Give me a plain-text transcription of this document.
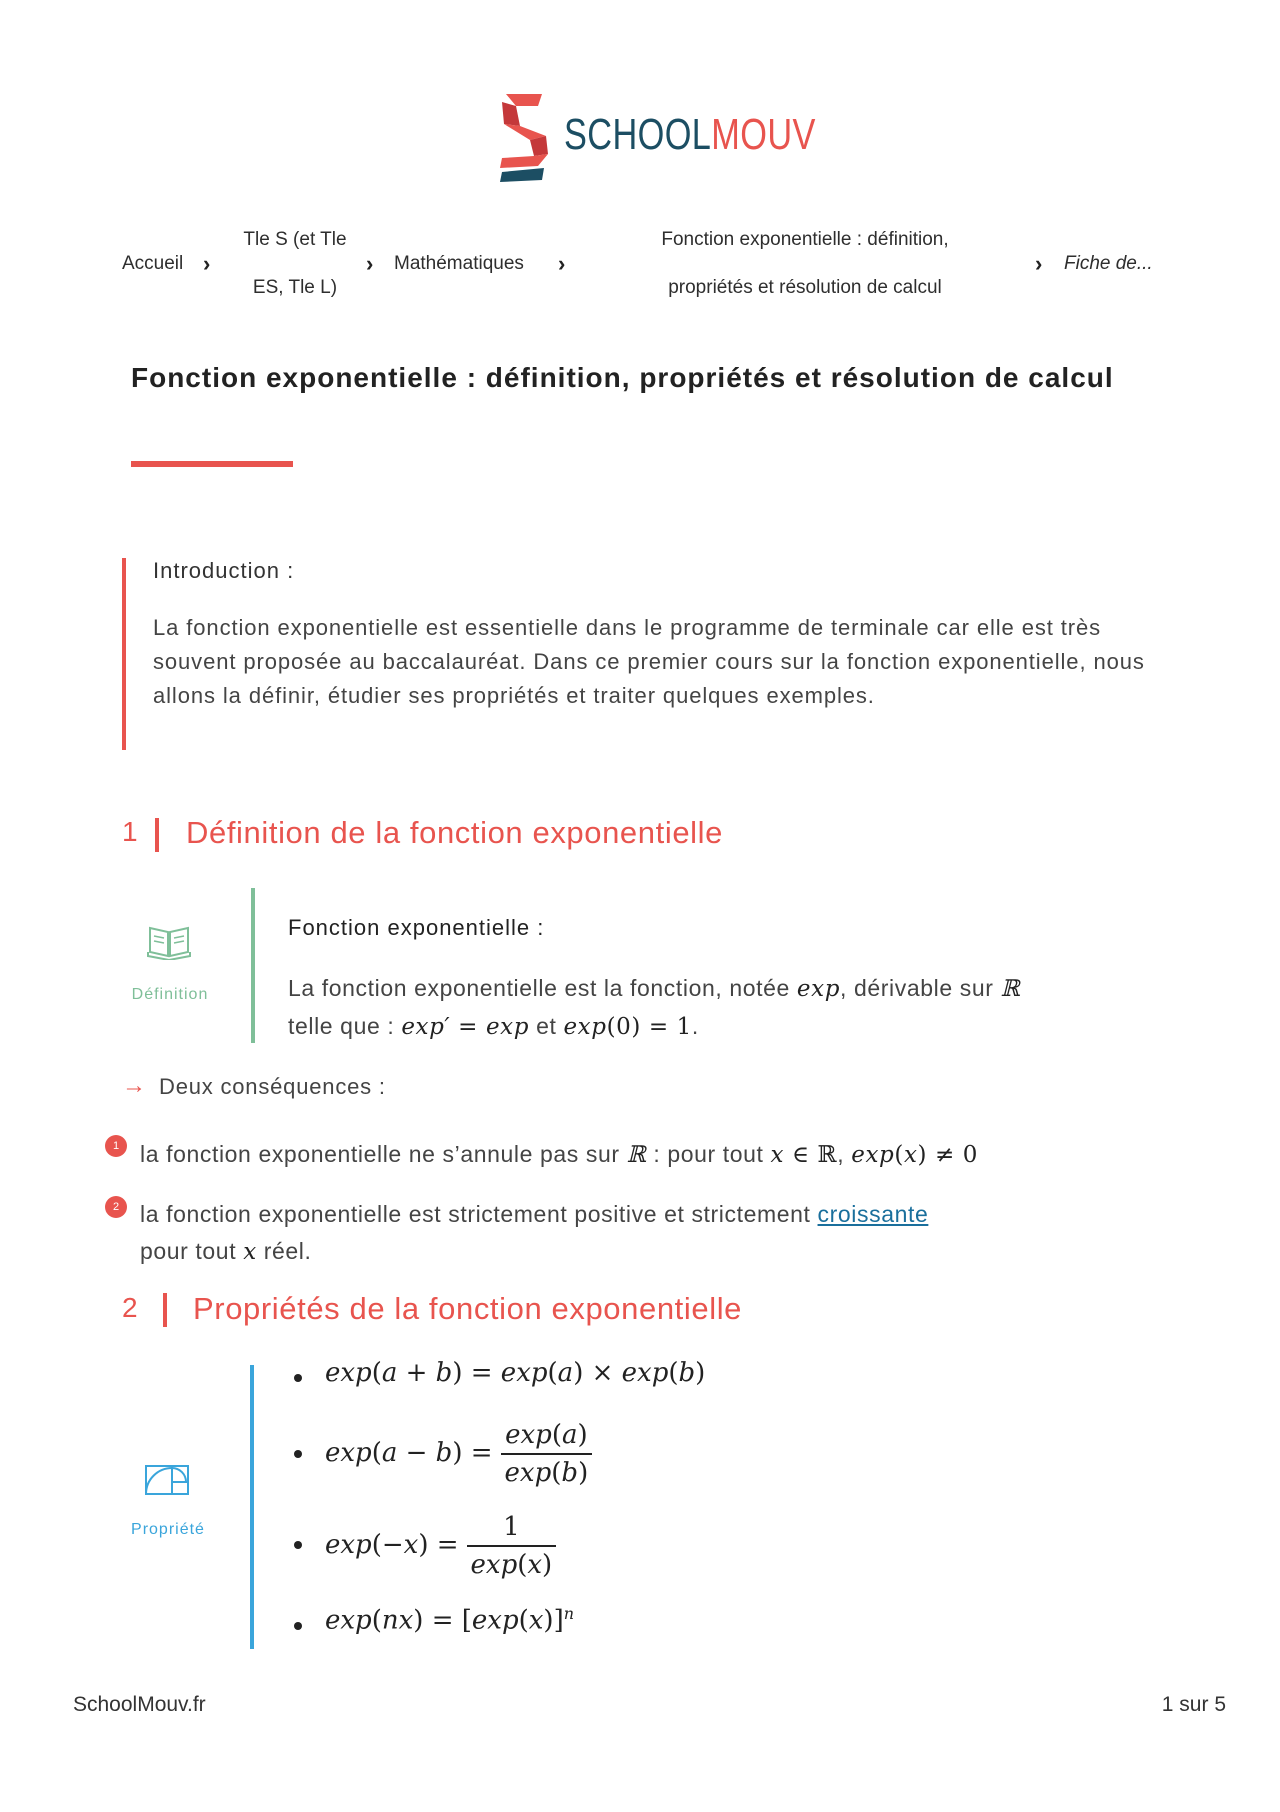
SCHOOLMOUV
Accueil ›
Tle S (et Tle
ES, Tle L)
› Mathématiques ›
Fonction exponentielle : définition,
propriétés et résolution de calcul
› Fiche de...
Fonction exponentielle : définition, propriétés et résolution de calcul
Introduction :
La fonction exponentielle est essentielle dans le programme de terminale car elle est très souvent proposée au baccalauréat. Dans ce premier cours sur la fonction exponentielle, nous allons la définir, étudier ses propriétés et traiter quelques exemples.
1 Définition de la fonction exponentielle
Définition
Fonction exponentielle :
La fonction exponentielle est la fonction, notée exp, dérivable sur ℝ
telle que : exp′ = exp et exp(0) = 1.
→ Deux conséquences :
1 la fonction exponentielle ne s’annule pas sur ℝ : pour tout x ∈ ℝ, exp(x) ≠ 0
2 la fonction exponentielle est strictement positive et strictement croissante
pour tout x réel.
2 Propriétés de la fonction exponentielle
Propriété
exp(a + b) = exp(a) × exp(b)
$\exp(a - b) = \frac{\exp(a)}{\exp(b)}$
$\exp(-x) = \frac{1}{\exp(x)}$
$\exp(nx) = [\exp(x)]^n$
SchoolMouv.fr	1 sur 5
